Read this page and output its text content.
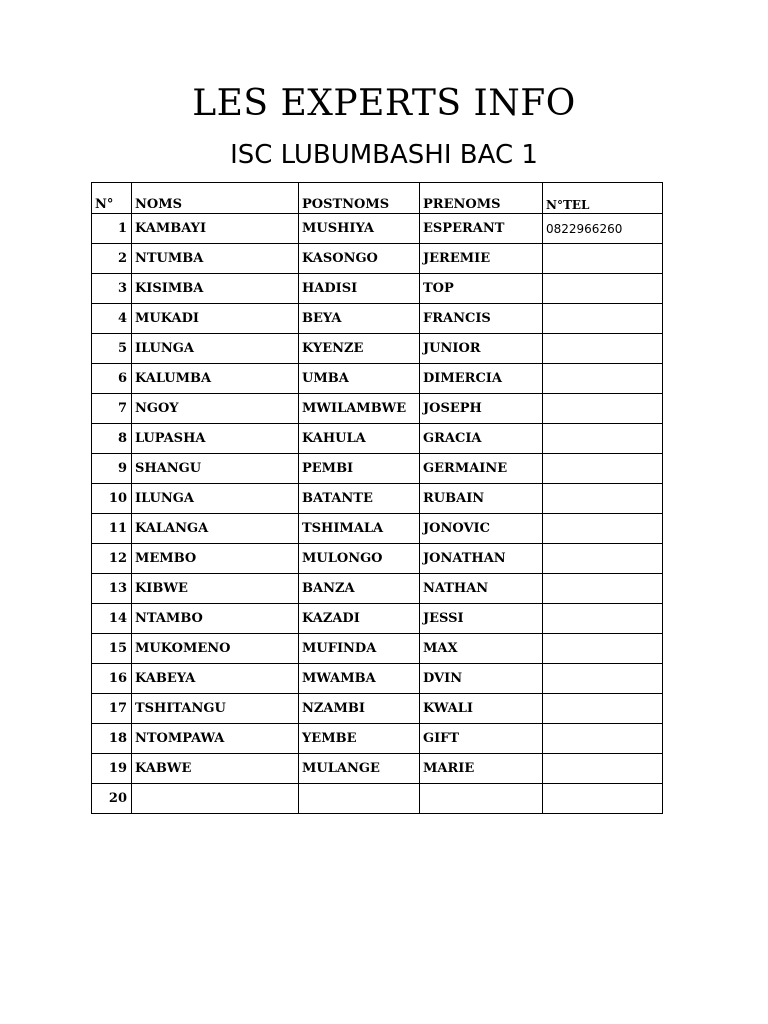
LES EXPERTS INFO
ISC LUBUMBASHI BAC 1
N°	NOMS	POSTNOMS	PRENOMS	N°TEL
1	KAMBAYI	MUSHIYA	ESPERANT	0822966260
2	NTUMBA	KASONGO	JEREMIE	
3	KISIMBA	HADISI	TOP	
4	MUKADI	BEYA	FRANCIS	
5	ILUNGA	KYENZE	JUNIOR	
6	KALUMBA	UMBA	DIMERCIA	
7	NGOY	MWILAMBWE	JOSEPH	
8	LUPASHA	KAHULA	GRACIA	
9	SHANGU	PEMBI	GERMAINE	
10	ILUNGA	BATANTE	RUBAIN	
11	KALANGA	TSHIMALA	JONOVIC	
12	MEMBO	MULONGO	JONATHAN	
13	KIBWE	BANZA	NATHAN	
14	NTAMBO	KAZADI	JESSI	
15	MUKOMENO	MUFINDA	MAX	
16	KABEYA	MWAMBA	DVIN	
17	TSHITANGU	NZAMBI	KWALI	
18	NTOMPAWA	YEMBE	GIFT	
19	KABWE	MULANGE	MARIE	
20				
